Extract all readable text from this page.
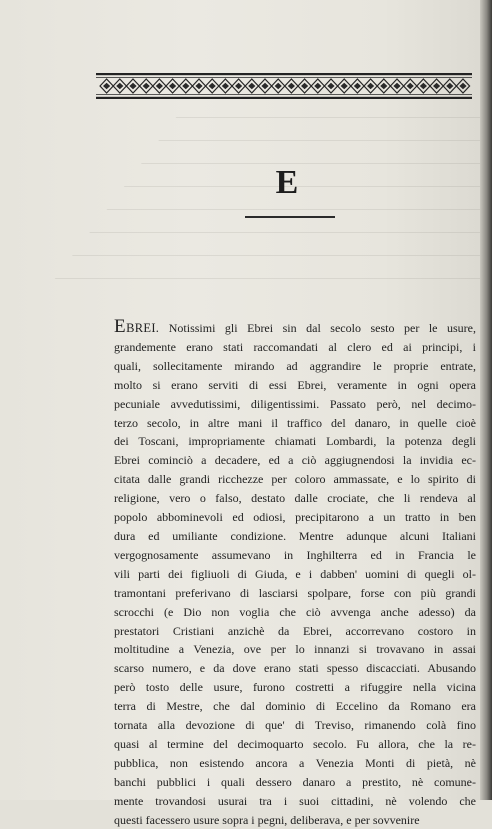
E
EBREI. Notissimi gli Ebrei sin dal secolo sesto per le usure,
grandemente erano stati raccomandati al clero ed ai principi, i
quali, sollecitamente mirando ad aggrandire le proprie entrate,
molto si erano serviti di essi Ebrei, veramente in ogni opera
pecuniale avvedutissimi, diligentissimi. Passato però, nel decimo-
terzo secolo, in altre mani il traffico del danaro, in quelle cioè
dei Toscani, impropriamente chiamati Lombardi, la potenza degli
Ebrei cominciò a decadere, ed a ciò aggiugnendosi la invidia ec-
citata dalle grandi ricchezze per coloro ammassate, e lo spirito di
religione, vero o falso, destato dalle crociate, che li rendeva al
popolo abbominevoli ed odiosi, precipitarono a un tratto in ben
dura ed umiliante condizione. Mentre adunque alcuni Italiani
vergognosamente assumevano in Inghilterra ed in Francia le
vili parti dei figliuoli di Giuda, e i dabben' uomini di quegli ol-
tramontani preferivano di lasciarsi spolpare, forse con più grandi
scrocchi (e Dio non voglia che ciò avvenga anche adesso) da
prestatori Cristiani anzichè da Ebrei, accorrevano costoro in
moltitudine a Venezia, ove per lo innanzi si trovavano in assai
scarso numero, e da dove erano stati spesso discacciati. Abusando
però tosto delle usure, furono costretti a rifuggire nella vicina
terra di Mestre, che dal dominio di Eccelino da Romano era
tornata alla devozione di que' di Treviso, rimanendo colà fino
quasi al termine del decimoquarto secolo. Fu allora, che la re-
pubblica, non esistendo ancora a Venezia Monti di pietà, nè
banchi pubblici i quali dessero danaro a prestito, nè comune-
mente trovandosi usurai tra i suoi cittadini, nè volendo che
questi facessero usure sopra i pegni, deliberava, e per sovvenire
